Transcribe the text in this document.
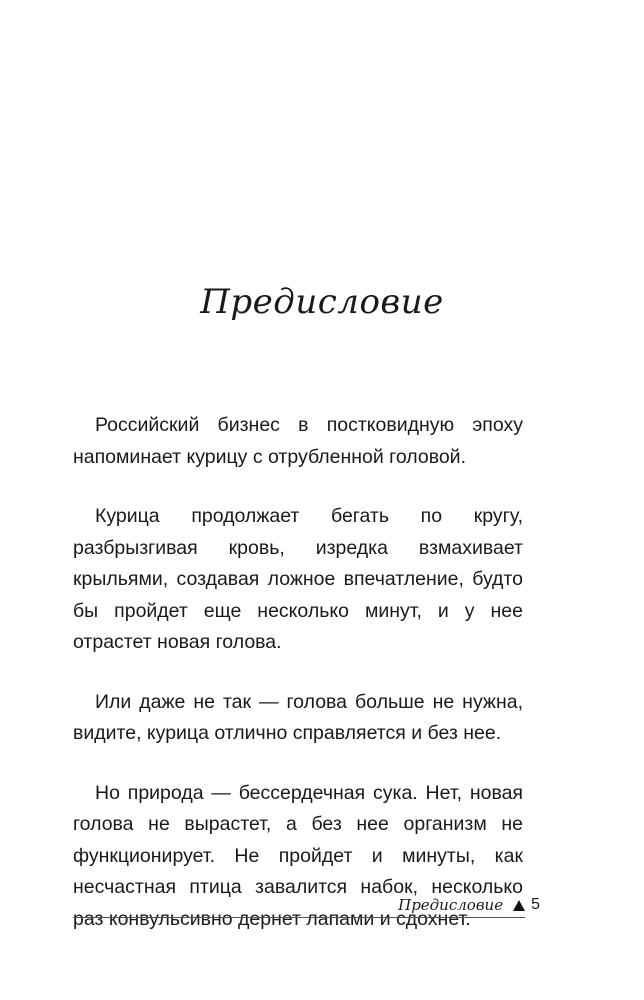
Предисловие

Российский бизнес в постковидную эпоху напоминает курицу с отрубленной головой.

Курица продолжает бегать по кругу, разбрызгивая кровь, изредка взмахивает крыльями, создавая ложное впечатление, будто бы пройдет еще несколько минут, и у нее отрастет новая голова.

Или даже не так — голова больше не нужна, видите, курица отлично справляется и без нее.

Но природа — бессердечная сука. Нет, новая голова не вырастет, а без нее организм не функционирует. Не пройдет и минуты, как несчастная птица завалится набок, несколько раз конвульсивно дернет лапами и сдохнет.

Предисловие 5
